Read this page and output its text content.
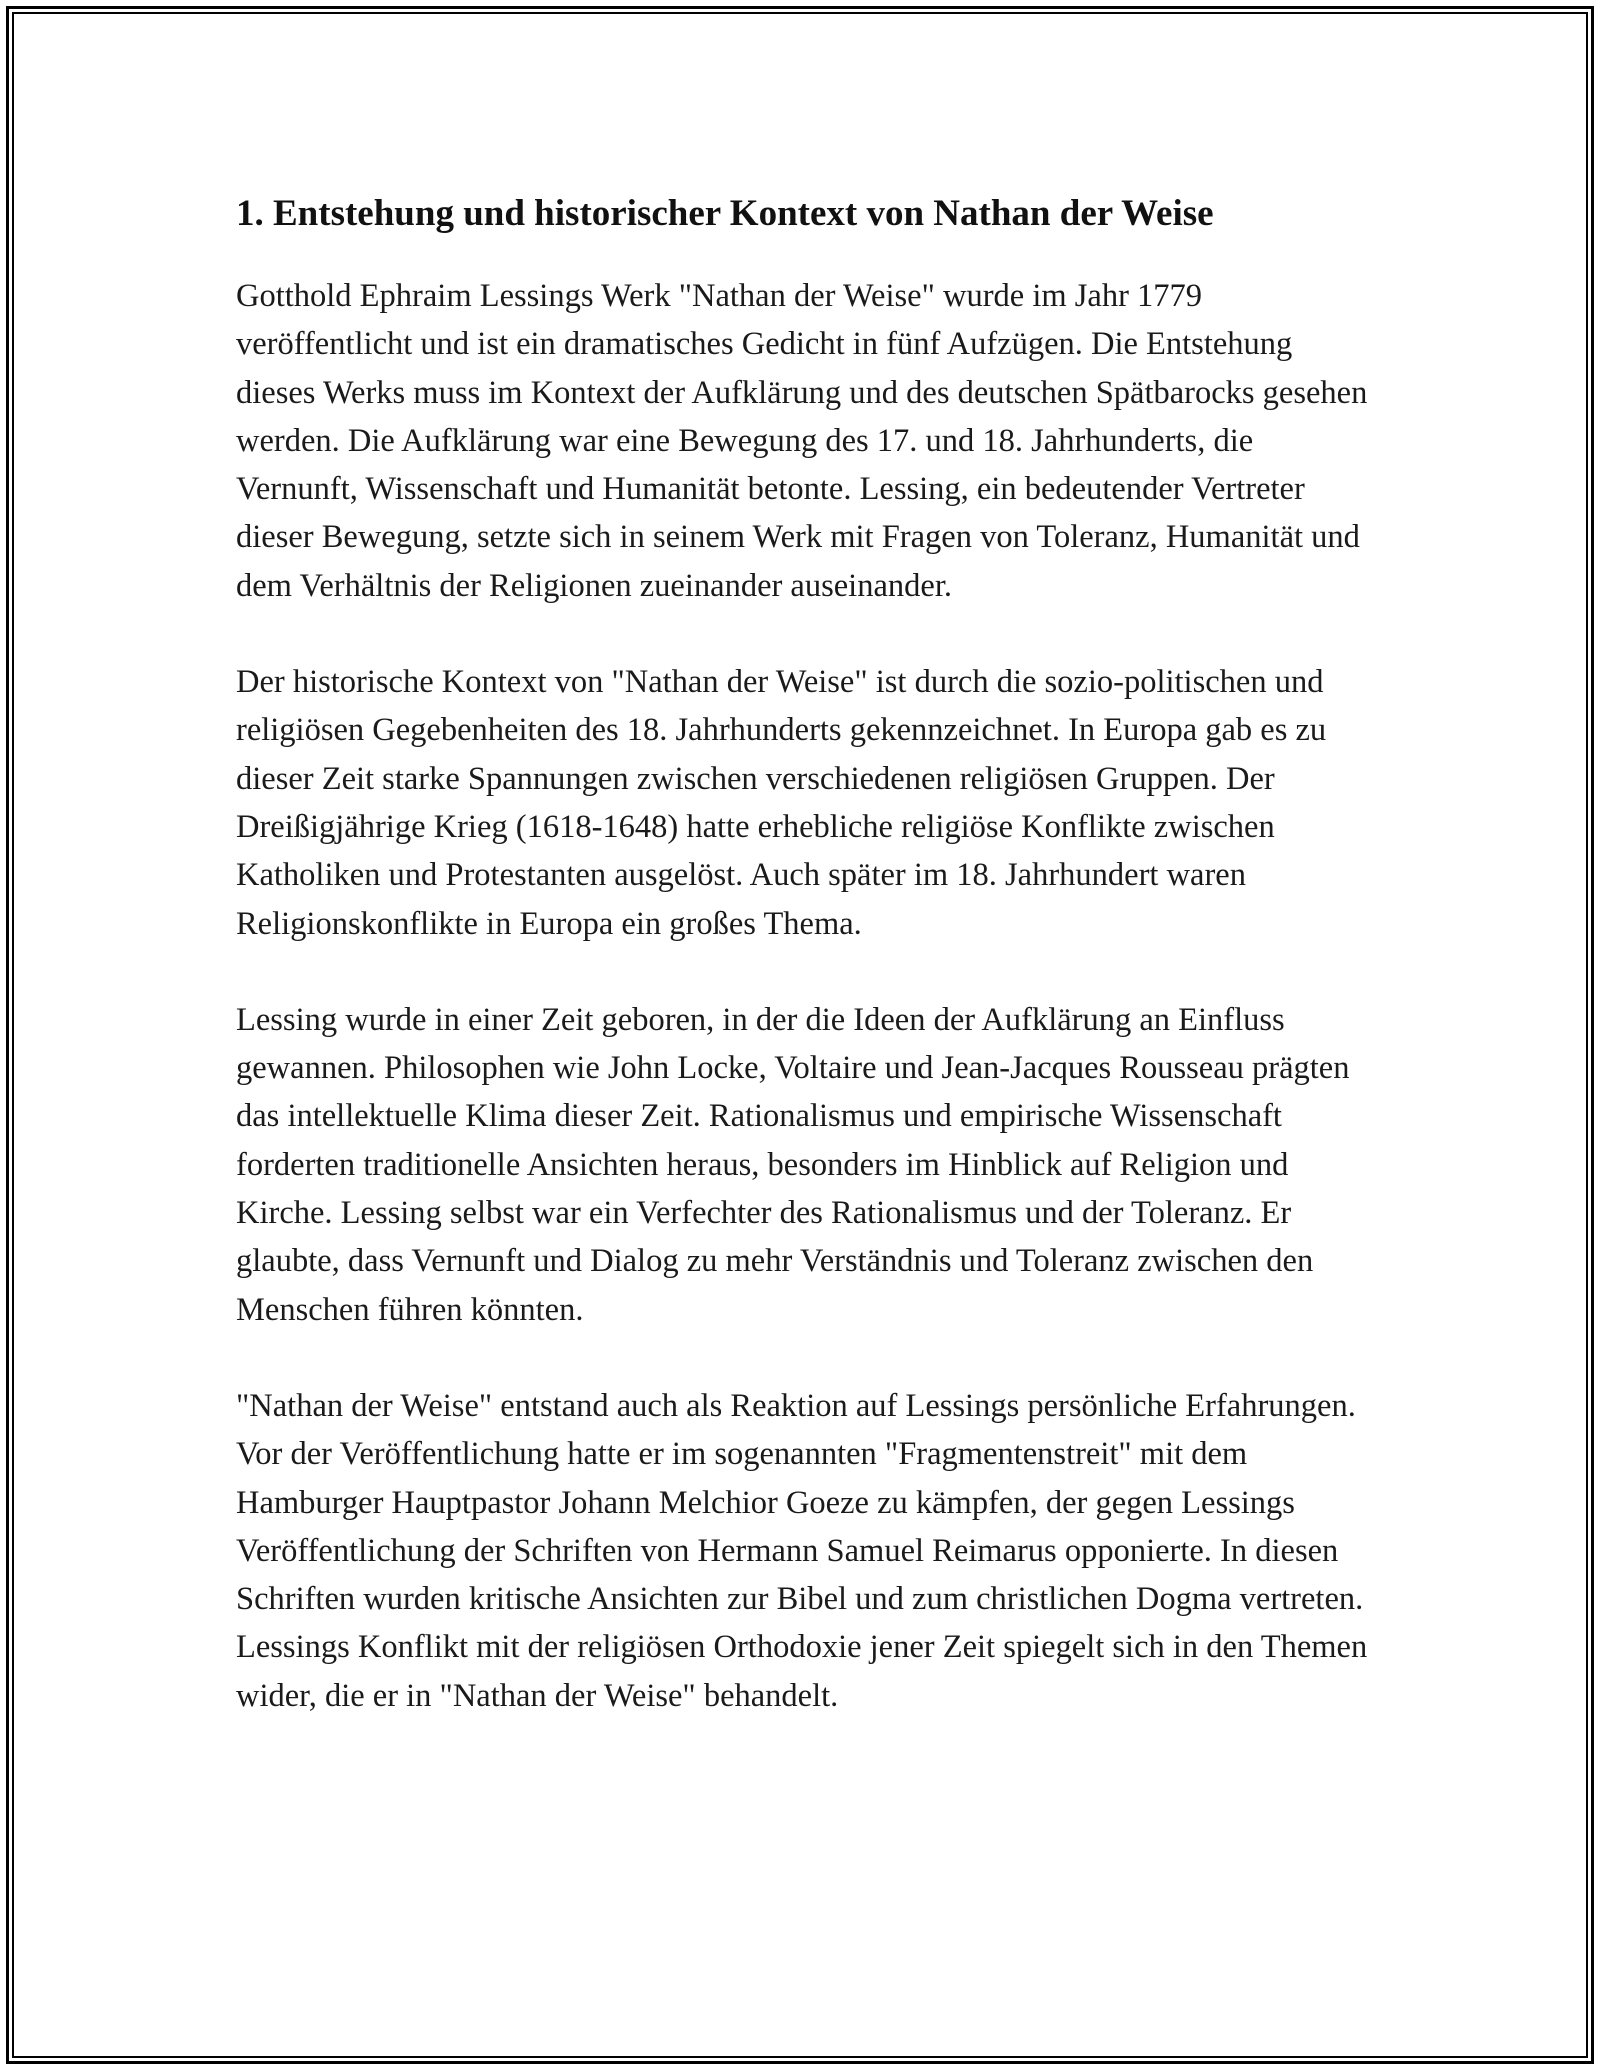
1. Entstehung und historischer Kontext von Nathan der Weise

Gotthold Ephraim Lessings Werk "Nathan der Weise" wurde im Jahr 1779 veröffentlicht und ist ein dramatisches Gedicht in fünf Aufzügen. Die Entstehung dieses Werks muss im Kontext der Aufklärung und des deutschen Spätbarocks gesehen werden. Die Aufklärung war eine Bewegung des 17. und 18. Jahrhunderts, die Vernunft, Wissenschaft und Humanität betonte. Lessing, ein bedeutender Vertreter dieser Bewegung, setzte sich in seinem Werk mit Fragen von Toleranz, Humanität und dem Verhältnis der Religionen zueinander auseinander.

Der historische Kontext von "Nathan der Weise" ist durch die sozio-politischen und religiösen Gegebenheiten des 18. Jahrhunderts gekennzeichnet. In Europa gab es zu dieser Zeit starke Spannungen zwischen verschiedenen religiösen Gruppen. Der Dreißigjährige Krieg (1618-1648) hatte erhebliche religiöse Konflikte zwischen Katholiken und Protestanten ausgelöst. Auch später im 18. Jahrhundert waren Religionskonflikte in Europa ein großes Thema.

Lessing wurde in einer Zeit geboren, in der die Ideen der Aufklärung an Einfluss gewannen. Philosophen wie John Locke, Voltaire und Jean-Jacques Rousseau prägten das intellektuelle Klima dieser Zeit. Rationalismus und empirische Wissenschaft forderten traditionelle Ansichten heraus, besonders im Hinblick auf Religion und Kirche. Lessing selbst war ein Verfechter des Rationalismus und der Toleranz. Er glaubte, dass Vernunft und Dialog zu mehr Verständnis und Toleranz zwischen den Menschen führen könnten.

"Nathan der Weise" entstand auch als Reaktion auf Lessings persönliche Erfahrungen. Vor der Veröffentlichung hatte er im sogenannten "Fragmentenstreit" mit dem Hamburger Hauptpastor Johann Melchior Goeze zu kämpfen, der gegen Lessings Veröffentlichung der Schriften von Hermann Samuel Reimarus opponierte. In diesen Schriften wurden kritische Ansichten zur Bibel und zum christlichen Dogma vertreten. Lessings Konflikt mit der religiösen Orthodoxie jener Zeit spiegelt sich in den Themen wider, die er in "Nathan der Weise" behandelt.
